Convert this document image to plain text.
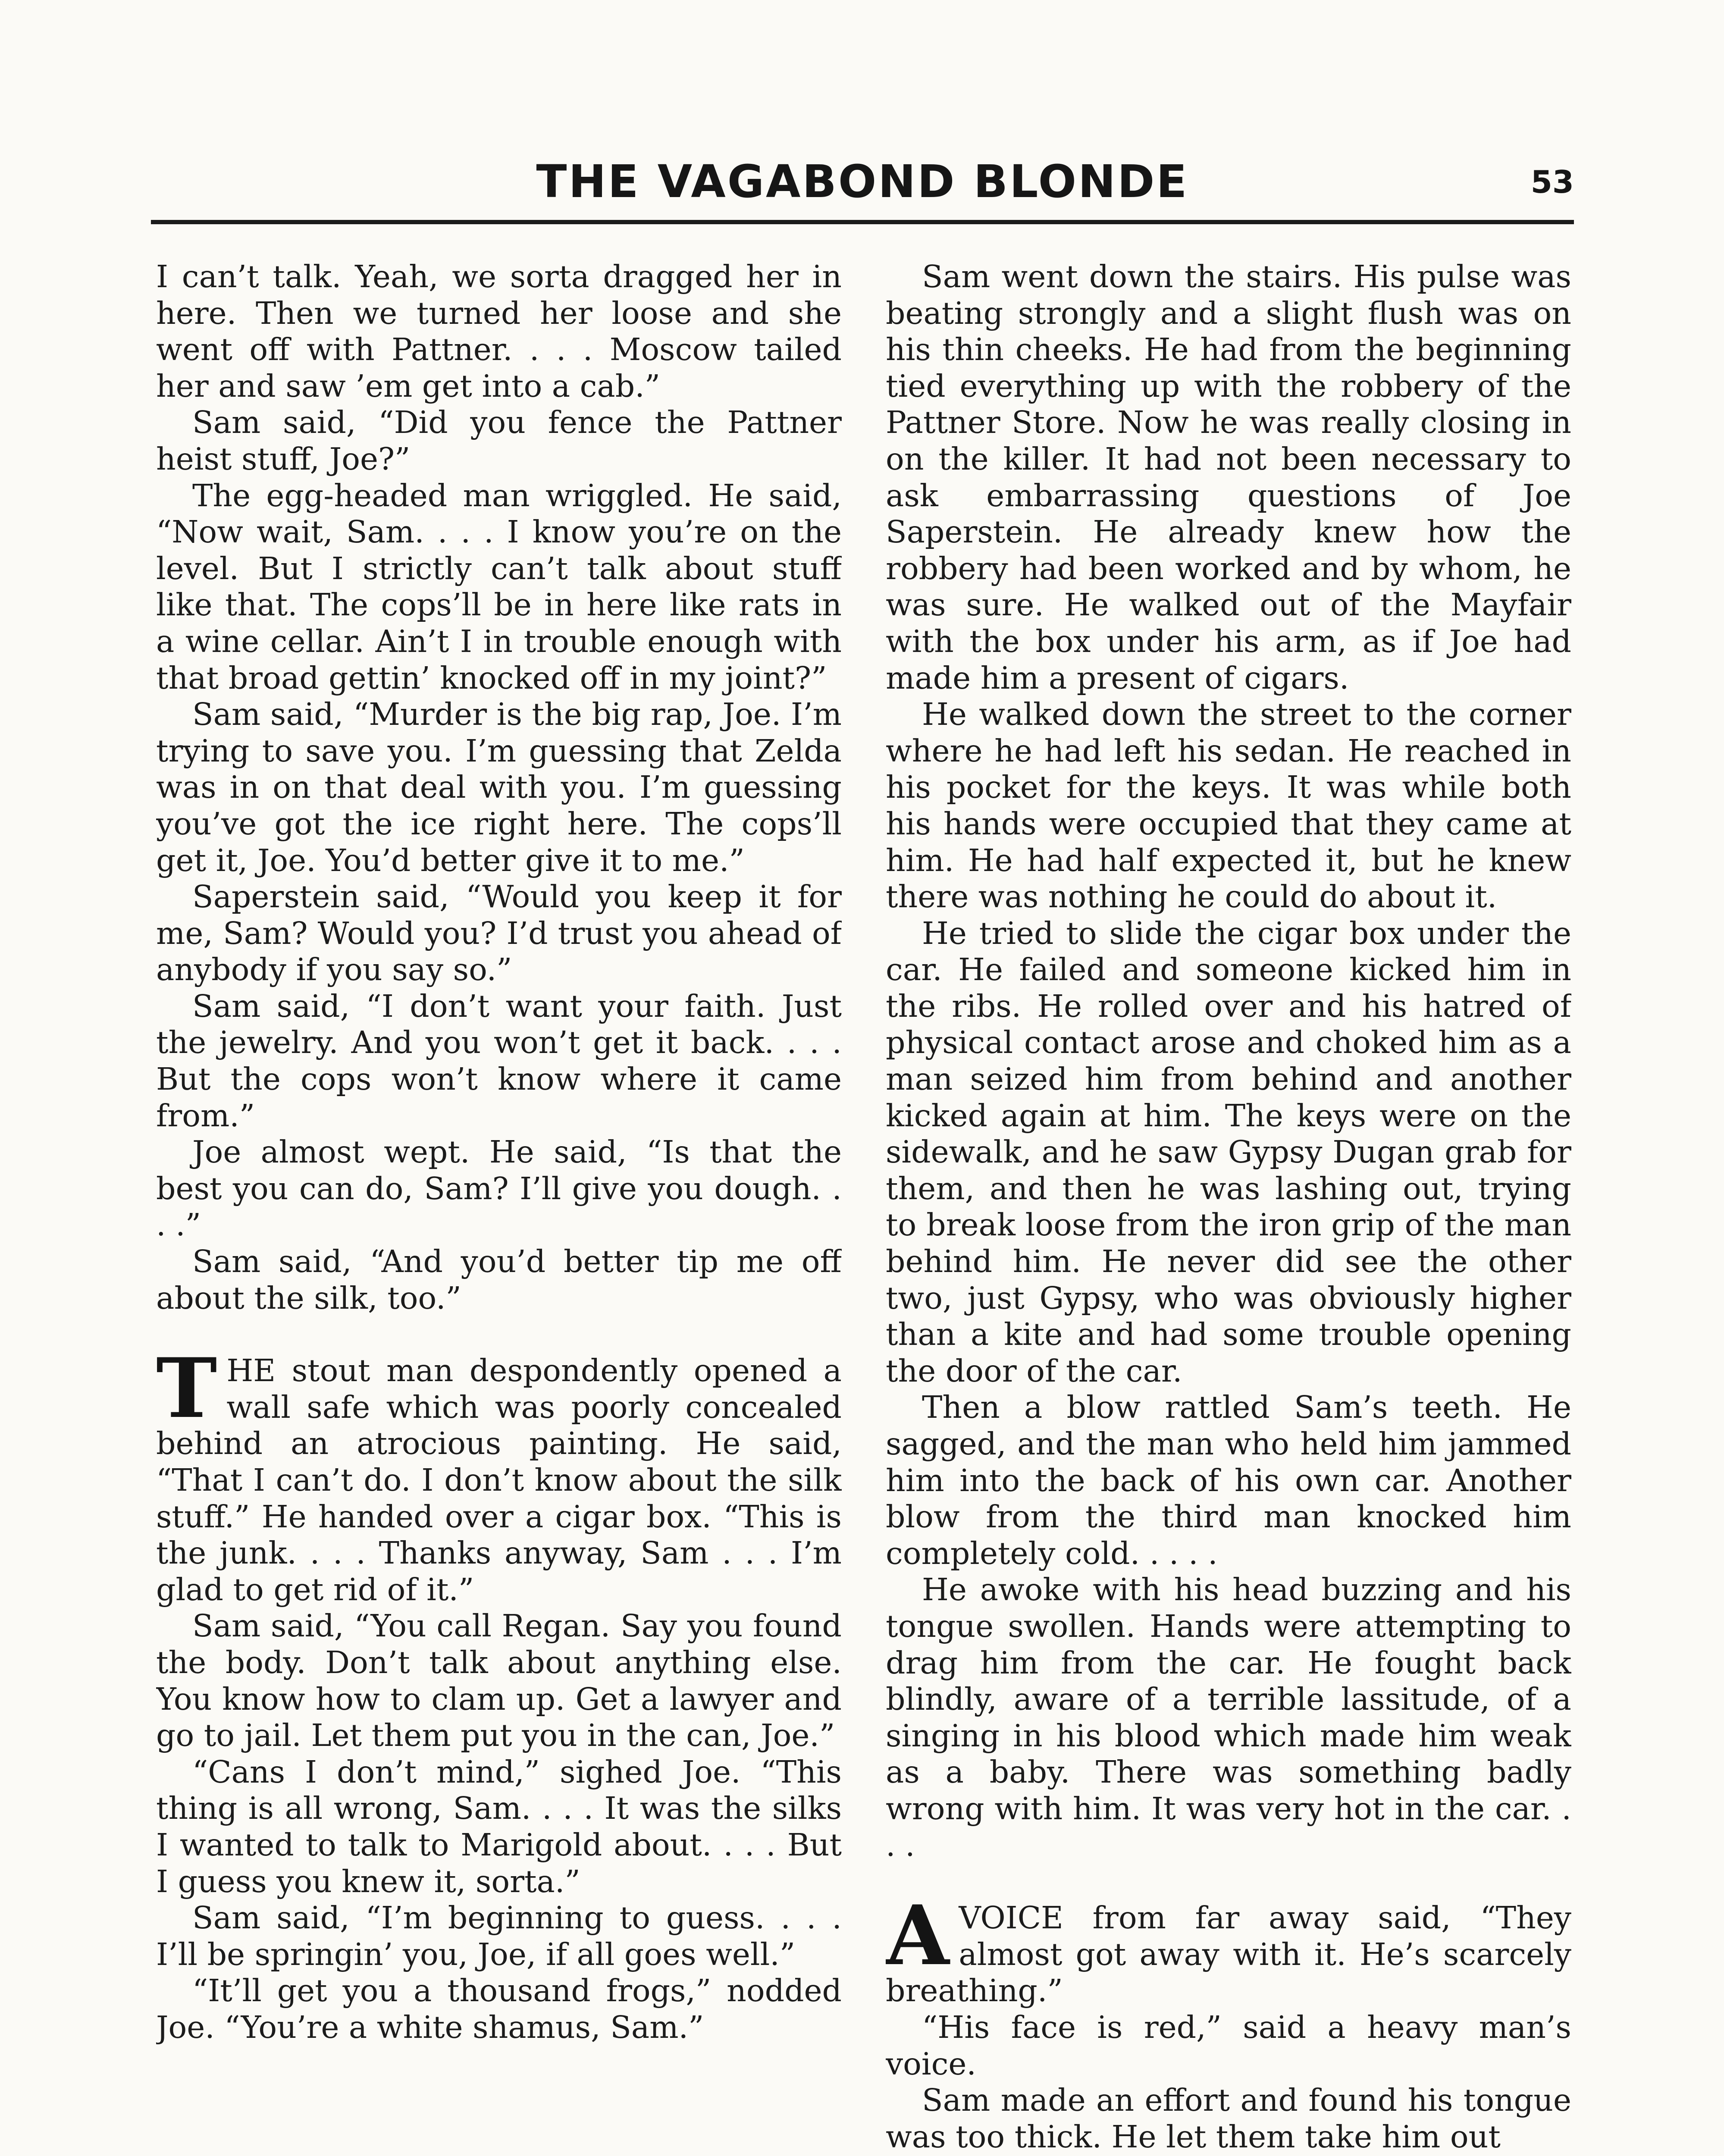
THE VAGABOND BLONDE	53

I can’t talk. Yeah, we sorta dragged her in here. Then we turned her loose and she went off with Pattner. . . . Moscow tailed her and saw ’em get into a cab.”

Sam said, “Did you fence the Pattner heist stuff, Joe?”

The egg-headed man wriggled. He said, “Now wait, Sam. . . . I know you’re on the level. But I strictly can’t talk about stuff like that. The cops’ll be in here like rats in a wine cellar. Ain’t I in trouble enough with that broad gettin’ knocked off in my joint?”

Sam said, “Murder is the big rap, Joe. I’m trying to save you. I’m guessing that Zelda was in on that deal with you. I’m guessing you’ve got the ice right here. The cops’ll get it, Joe. You’d better give it to me.”

Saperstein said, “Would you keep it for me, Sam? Would you? I’d trust you ahead of anybody if you say so.”

Sam said, “I don’t want your faith. Just the jewelry. And you won’t get it back. . . . But the cops won’t know where it came from.”

Joe almost wept. He said, “Is that the best you can do, Sam? I’ll give you dough. . . .”

Sam said, “And you’d better tip me off about the silk, too.”

THE stout man despondently opened a wall safe which was poorly concealed behind an atrocious painting. He said, “That I can’t do. I don’t know about the silk stuff.” He handed over a cigar box. “This is the junk. . . . Thanks anyway, Sam . . . I’m glad to get rid of it.”

Sam said, “You call Regan. Say you found the body. Don’t talk about anything else. You know how to clam up. Get a lawyer and go to jail. Let them put you in the can, Joe.”

“Cans I don’t mind,” sighed Joe. “This thing is all wrong, Sam. . . . It was the silks I wanted to talk to Marigold about. . . . But I guess you knew it, sorta.”

Sam said, “I’m beginning to guess. . . . I’ll be springin’ you, Joe, if all goes well.”

“It’ll get you a thousand frogs,” nodded Joe. “You’re a white shamus, Sam.”

Sam went down the stairs. His pulse was beating strongly and a slight flush was on his thin cheeks. He had from the beginning tied everything up with the robbery of the Pattner Store. Now he was really closing in on the killer. It had not been necessary to ask embarrassing questions of Joe Saperstein. He already knew how the robbery had been worked and by whom, he was sure. He walked out of the Mayfair with the box under his arm, as if Joe had made him a present of cigars.

He walked down the street to the corner where he had left his sedan. He reached in his pocket for the keys. It was while both his hands were occupied that they came at him. He had half expected it, but he knew there was nothing he could do about it.

He tried to slide the cigar box under the car. He failed and someone kicked him in the ribs. He rolled over and his hatred of physical contact arose and choked him as a man seized him from behind and another kicked again at him. The keys were on the sidewalk, and he saw Gypsy Dugan grab for them, and then he was lashing out, trying to break loose from the iron grip of the man behind him. He never did see the other two, just Gypsy, who was obviously higher than a kite and had some trouble opening the door of the car.

Then a blow rattled Sam’s teeth. He sagged, and the man who held him jammed him into the back of his own car. Another blow from the third man knocked him completely cold. . . . .

He awoke with his head buzzing and his tongue swollen. Hands were attempting to drag him from the car. He fought back blindly, aware of a terrible lassitude, of a singing in his blood which made him weak as a baby. There was something badly wrong with him. It was very hot in the car. . . .

AVOICE from far away said, “They almost got away with it. He’s scarcely breathing.”

“His face is red,” said a heavy man’s voice.

Sam made an effort and found his tongue was too thick. He let them take him out
